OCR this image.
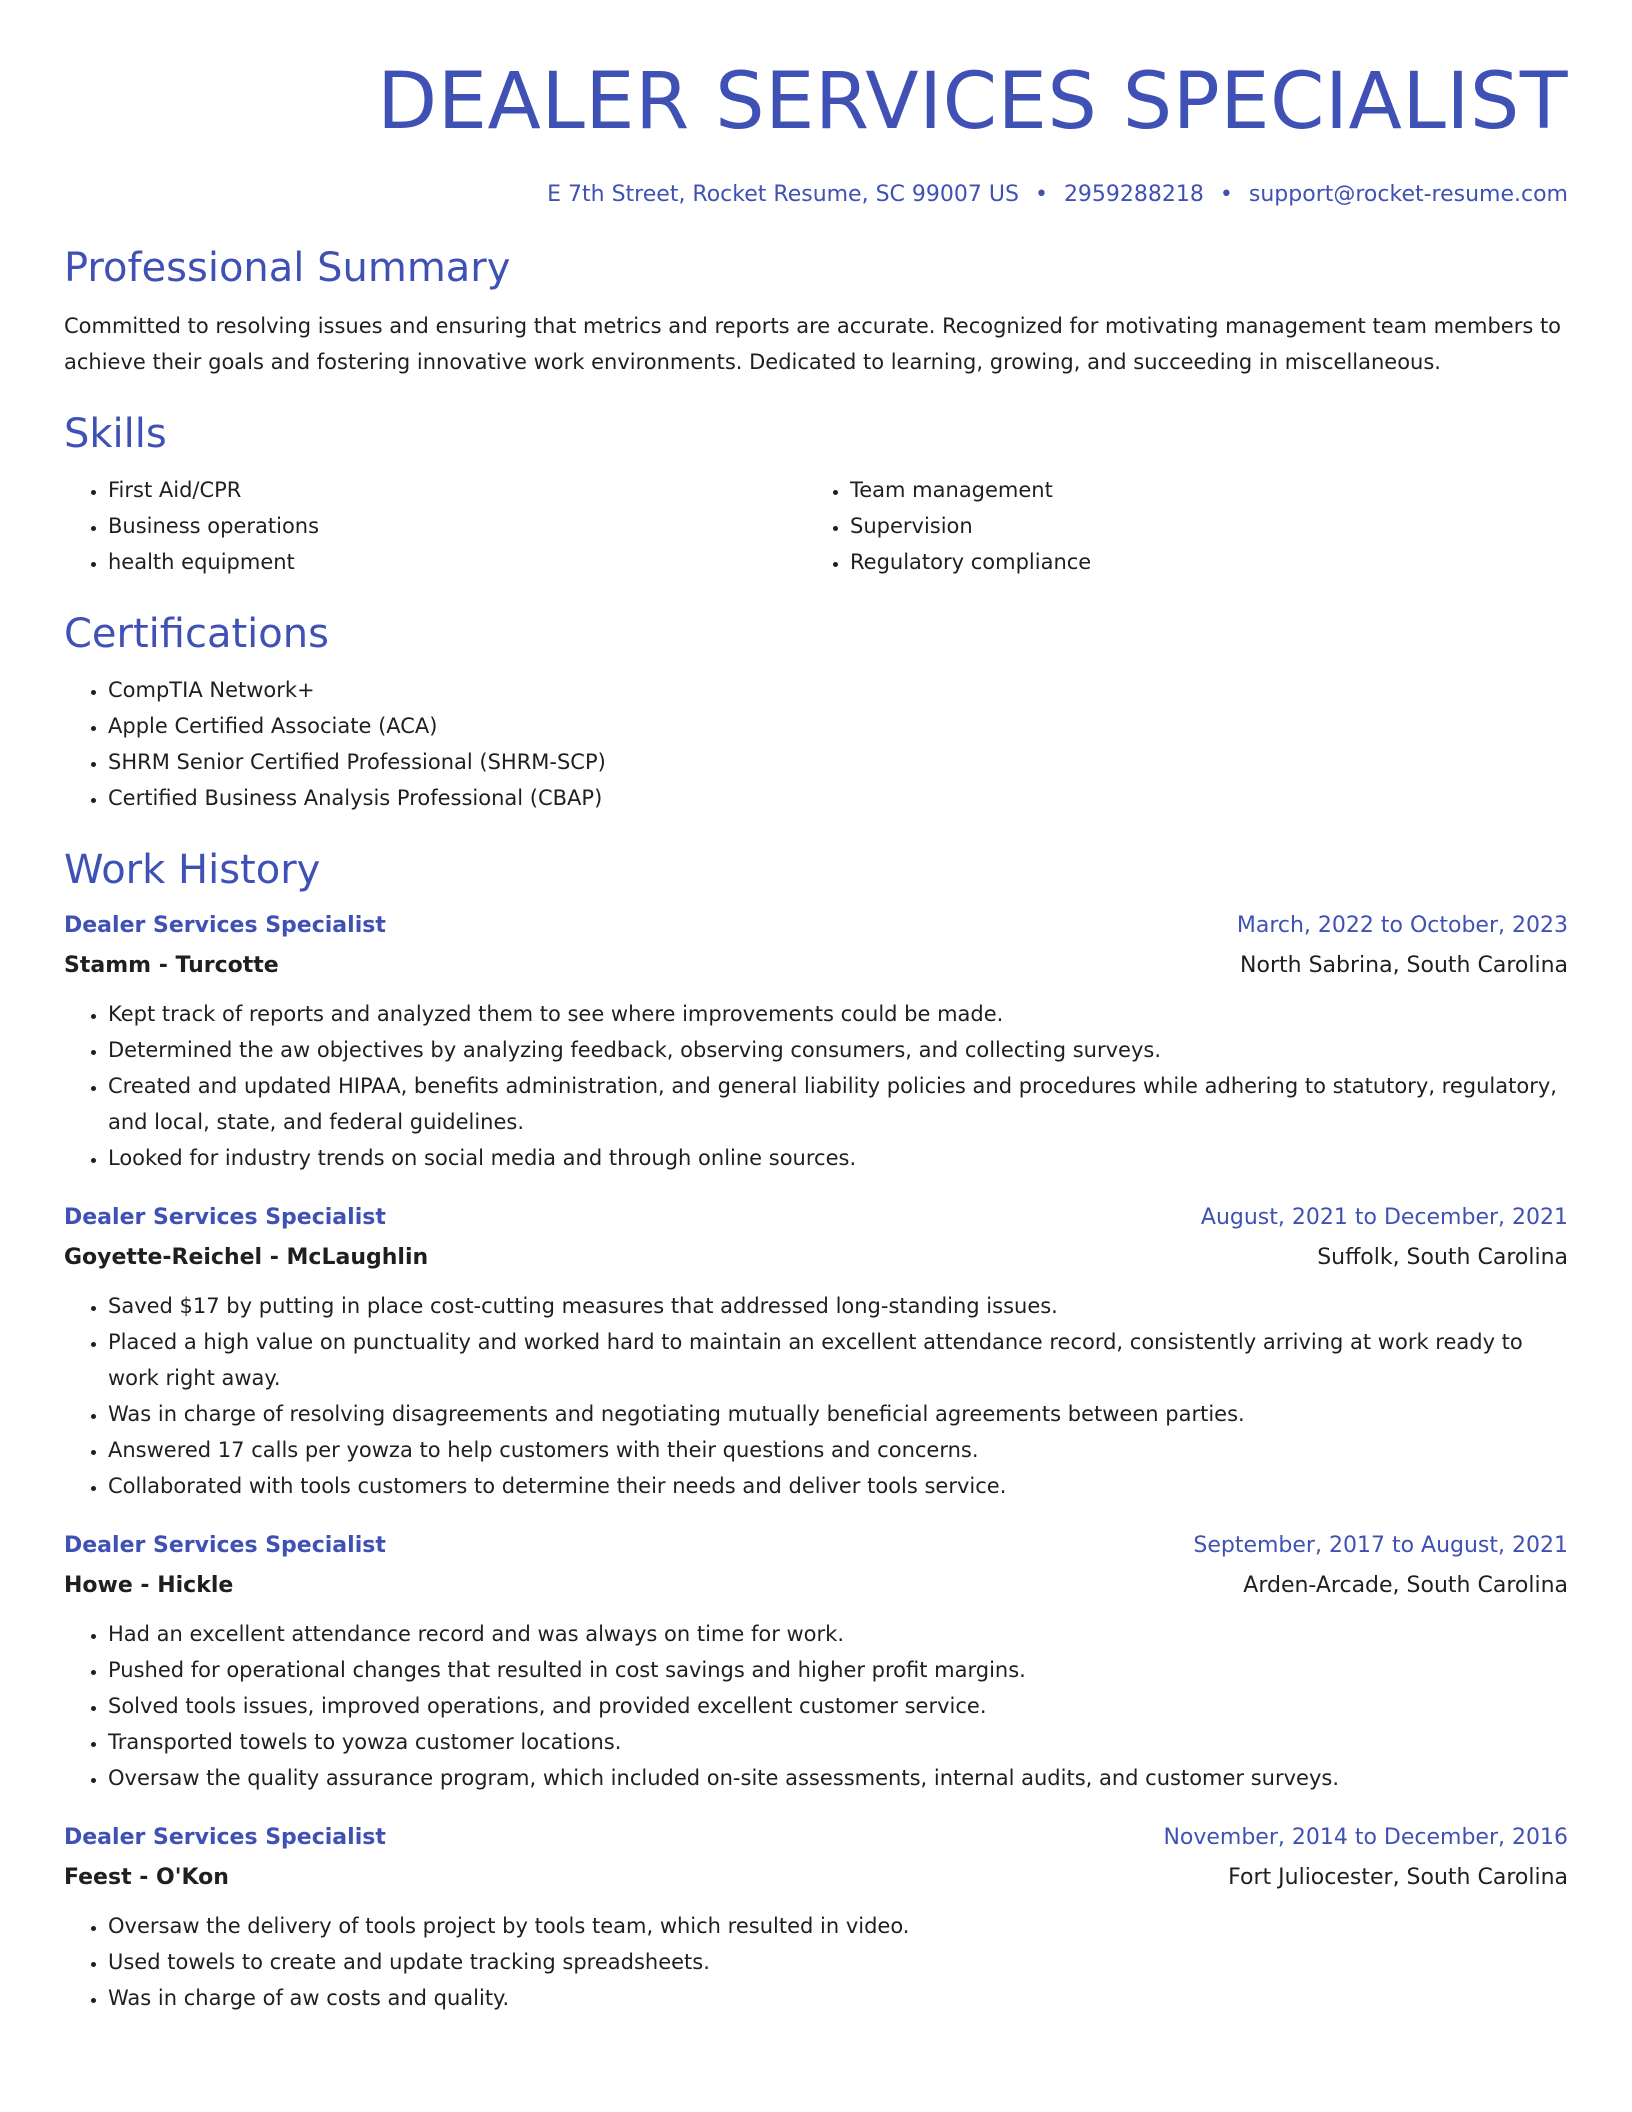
DEALER SERVICES SPECIALIST
E 7th Street, Rocket Resume, SC 99007 US • 2959288218 • support@rocket-resume.com
Professional Summary

Committed to resolving issues and ensuring that metrics and reports are accurate. Recognized for motivating management team members to achieve their goals and fostering innovative work environments. Dedicated to learning, growing, and succeeding in miscellaneous.

Skills
• First Aid/CPR
• Business operations
• health equipment
• Team management
• Supervision
• Regulatory compliance
Certifications
• CompTIA Network+
• Apple Certified Associate (ACA)
• SHRM Senior Certified Professional (SHRM-SCP)
• Certified Business Analysis Professional (CBAP)
Work History
Dealer Services Specialist	March, 2022 to October, 2023
Stamm - Turcotte	North Sabrina, South Carolina
• Kept track of reports and analyzed them to see where improvements could be made.
• Determined the aw objectives by analyzing feedback, observing consumers, and collecting surveys.
• Created and updated HIPAA, benefits administration, and general liability policies and procedures while adhering to statutory, regulatory, and local, state, and federal guidelines.
• Looked for industry trends on social media and through online sources.
Dealer Services Specialist	August, 2021 to December, 2021
Goyette-Reichel - McLaughlin	Suffolk, South Carolina
• Saved $17 by putting in place cost-cutting measures that addressed long-standing issues.
• Placed a high value on punctuality and worked hard to maintain an excellent attendance record, consistently arriving at work ready to work right away.
• Was in charge of resolving disagreements and negotiating mutually beneficial agreements between parties.
• Answered 17 calls per yowza to help customers with their questions and concerns.
• Collaborated with tools customers to determine their needs and deliver tools service.
Dealer Services Specialist	September, 2017 to August, 2021
Howe - Hickle	Arden-Arcade, South Carolina
• Had an excellent attendance record and was always on time for work.
• Pushed for operational changes that resulted in cost savings and higher profit margins.
• Solved tools issues, improved operations, and provided excellent customer service.
• Transported towels to yowza customer locations.
• Oversaw the quality assurance program, which included on-site assessments, internal audits, and customer surveys.
Dealer Services Specialist	November, 2014 to December, 2016
Feest - O'Kon	Fort Juliocester, South Carolina
• Oversaw the delivery of tools project by tools team, which resulted in video.
• Used towels to create and update tracking spreadsheets.
• Was in charge of aw costs and quality.
